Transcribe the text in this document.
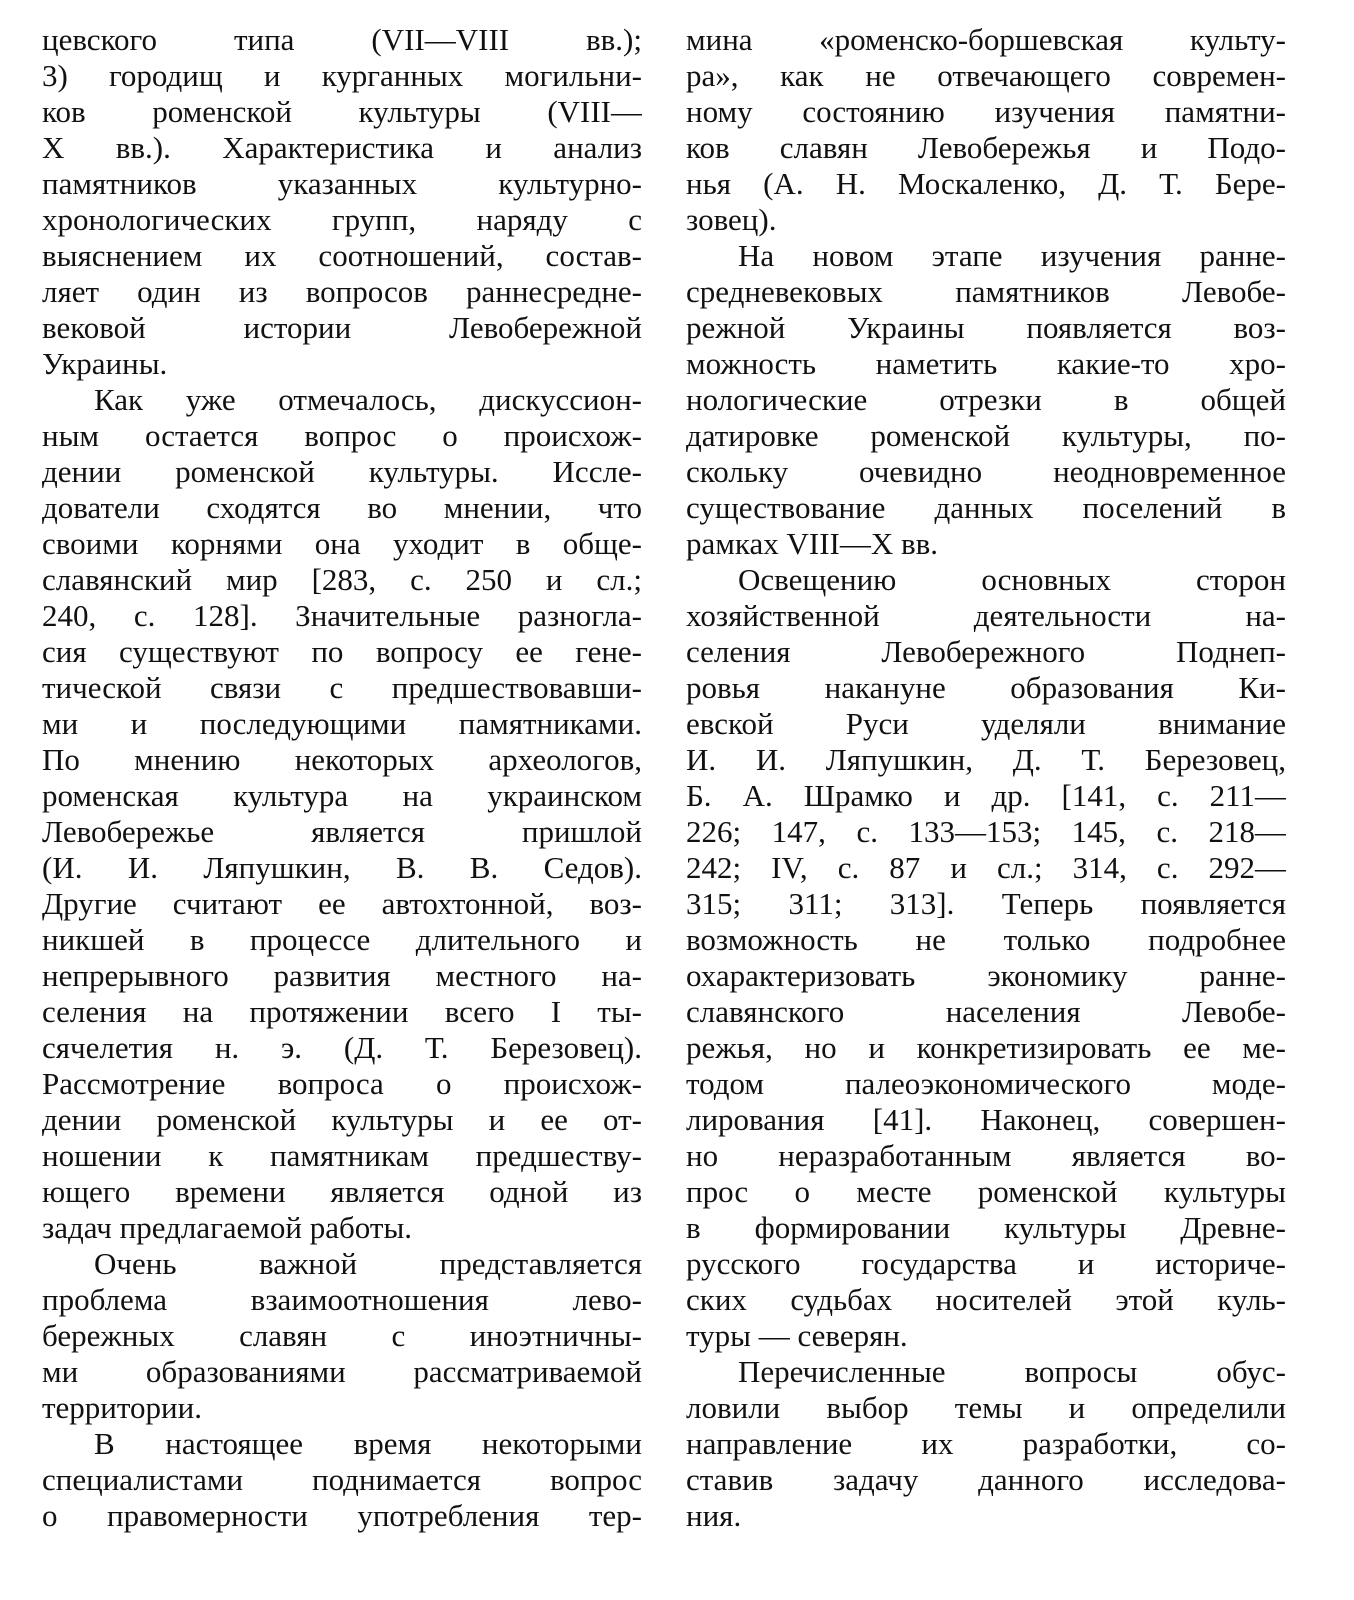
цевского типа (VII—VIII вв.);
3) городищ и курганных могильни-
ков роменской культуры (VIII—
X вв.). Характеристика и анализ
памятников указанных культурно-
хронологических групп, наряду с
выяснением их соотношений, состав-
ляет один из вопросов раннесредне-
вековой истории Левобережной
Украины.
Как уже отмечалось, дискуссион-
ным остается вопрос о происхож-
дении роменской культуры. Иссле-
дователи сходятся во мнении, что
своими корнями она уходит в обще-
славянский мир [283, с. 250 и сл.;
240, с. 128]. Значительные разногла-
сия существуют по вопросу ее гене-
тической связи с предшествовавши-
ми и последующими памятниками.
По мнению некоторых археологов,
роменская культура на украинском
Левобережье является пришлой
(И. И. Ляпушкин, В. В. Седов).
Другие считают ее автохтонной, воз-
никшей в процессе длительного и
непрерывного развития местного на-
селения на протяжении всего I ты-
сячелетия н. э. (Д. Т. Березовец).
Рассмотрение вопроса о происхож-
дении роменской культуры и ее от-
ношении к памятникам предшеству-
ющего времени является одной из
задач предлагаемой работы.
Очень важной представляется
проблема взаимоотношения лево-
бережных славян с иноэтничны-
ми образованиями рассматриваемой
территории.
В настоящее время некоторыми
специалистами поднимается вопрос
о правомерности употребления тер-
мина «роменско-боршевская культу-
ра», как не отвечающего современ-
ному состоянию изучения памятни-
ков славян Левобережья и Подо-
нья (А. Н. Москаленко, Д. Т. Бере-
зовец).
На новом этапе изучения ранне-
средневековых памятников Левобе-
режной Украины появляется воз-
можность наметить какие-то хро-
нологические отрезки в общей
датировке роменской культуры, по-
скольку очевидно неодновременное
существование данных поселений в
рамках VIII—X вв.
Освещению основных сторон
хозяйственной деятельности на-
селения Левобережного Поднеп-
ровья накануне образования Ки-
евской Руси уделяли внимание
И. И. Ляпушкин, Д. Т. Березовец,
Б. А. Шрамко и др. [141, с. 211—
226; 147, с. 133—153; 145, с. 218—
242; IV, с. 87 и сл.; 314, с. 292—
315; 311; 313]. Теперь появляется
возможность не только подробнее
охарактеризовать экономику ранне-
славянского населения Левобе-
режья, но и конкретизировать ее ме-
тодом палеоэкономического моде-
лирования [41]. Наконец, совершен-
но неразработанным является во-
прос о месте роменской культуры
в формировании культуры Древне-
русского государства и историче-
ских судьбах носителей этой куль-
туры — северян.
Перечисленные вопросы обус-
ловили выбор темы и определили
направление их разработки, со-
ставив задачу данного исследова-
ния.
